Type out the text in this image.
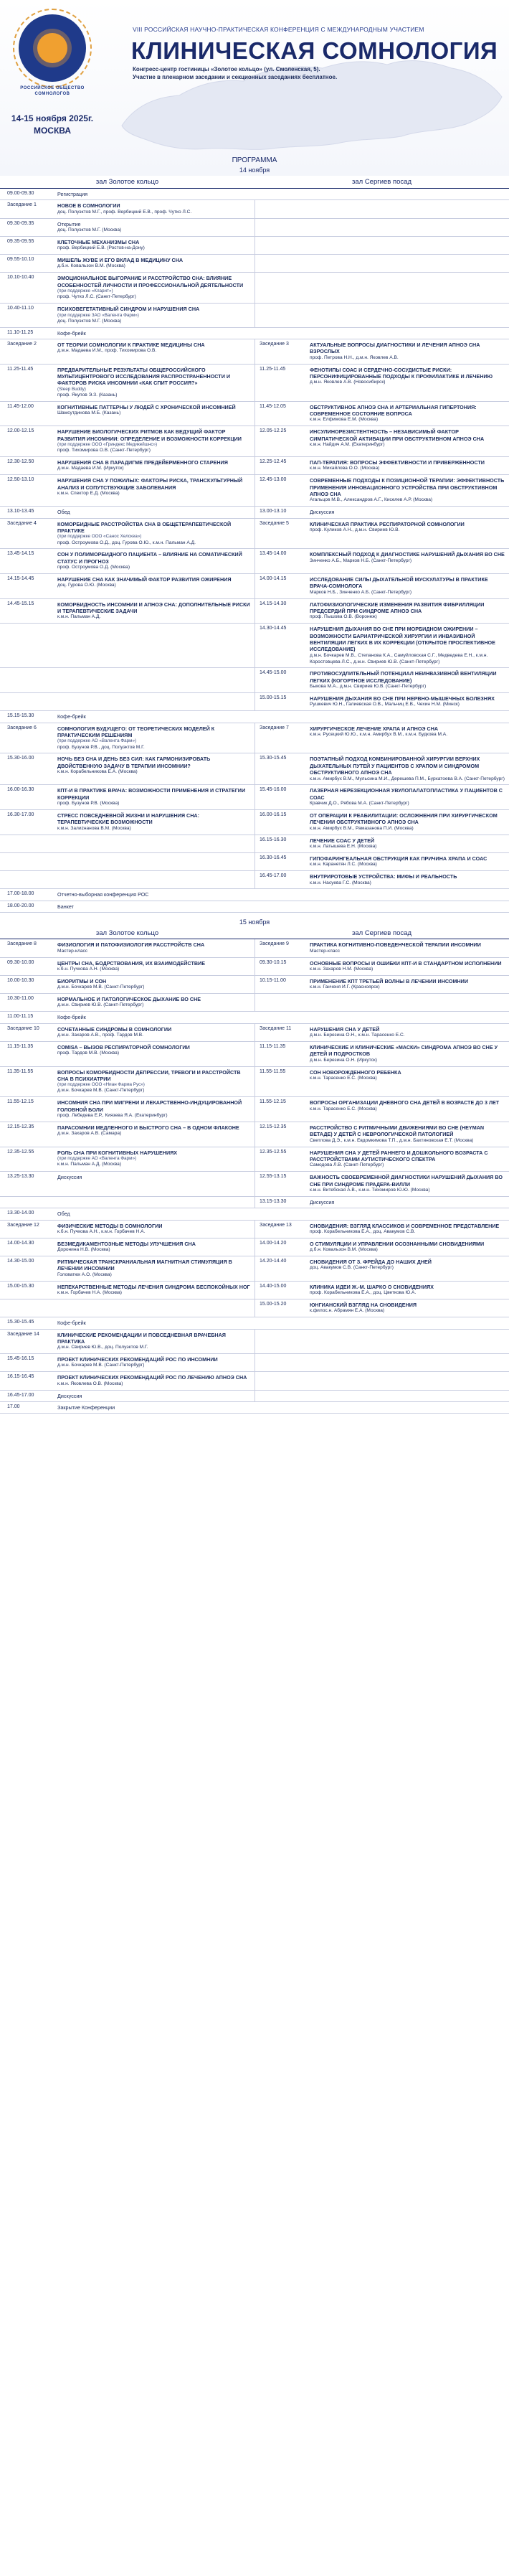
РОССИЙСКОЕ ОБЩЕСТВО СОМНОЛОГОВ
VIII РОССИЙСКАЯ НАУЧНО-ПРАКТИЧЕСКАЯ КОНФЕРЕНЦИЯ С МЕЖДУНАРОДНЫМ УЧАСТИЕМ
КЛИНИЧЕСКАЯ СОМНОЛОГИЯ
Конгресс-центр гостиницы «Золотое кольцо» (ул. Смоленская, 5).
Участие в пленарном заседании и секционных заседаниях бесплатное.
14-15 ноября 2025г.
МОСКВА
ПРОГРАММА
14 ноября
зал Золотое кольцо	зал Сергиев посад
09.00-09.30	Регистрация
Заседание 1	НОВОЕ В СОМНОЛОГИИ
доц. Полуэктов М.Г., проф. Вербицкий Е.В., проф. Чутко Л.С.
09.30-09.35	Открытие
доц. Полуэктов М.Г. (Москва)
09.35-09.55	КЛЕТОЧНЫЕ МЕХАНИЗМЫ СНА
проф. Вербицкий Е.В. (Ростов-на-Дону)
09.55-10.10	МИШЕЛЬ ЖУВЕ И ЕГО ВКЛАД В МЕДИЦИНУ СНА
д.б.н. Ковальзон В.М. (Москва)
10.10-10.40	ЭМОЦИОНАЛЬНОЕ ВЫГОРАНИЕ И РАССТРОЙСТВО СНА: ВЛИЯНИЕ ОСОБЕННОСТЕЙ ЛИЧНОСТИ И ПРОФЕССИОНАЛЬНОЙ ДЕЯТЕЛЬНОСТИ
(при поддержке «Кларит»)
проф. Чутко Л.С. (Санкт-Петербург)
10.40-11.10	ПСИХОВЕГЕТАТИВНЫЙ СИНДРОМ И НАРУШЕНИЯ СНА
(при поддержке ЗАО «Валента Фарм»)
доц. Полуэктов М.Г. (Москва)
11.10-11.25	Кофе-брейк
Заседание 2	ОТ ТЕОРИИ СОМНОЛОГИИ К ПРАКТИКЕ МЕДИЦИНЫ СНА
д.м.н. Мадаева И.М., проф. Тихомирова О.В.
Заседание 3	АКТУАЛЬНЫЕ ВОПРОСЫ ДИАГНОСТИКИ И ЛЕЧЕНИЯ АПНОЭ СНА ВЗРОСЛЫХ
проф. Петрова Н.Н., д.м.н. Яковлев А.В.
11.25-11.45	ПРЕДВАРИТЕЛЬНЫЕ РЕЗУЛЬТАТЫ ОБЩЕРОССИЙСКОГО МУЛЬТИЦЕНТРОВОГО ИССЛЕДОВАНИЯ РАСПРОСТРАНЕННОСТИ И ФАКТОРОВ РИСКА ИНСОМНИИ «КАК СПИТ РОССИЯ?»
(Sleep Buddy)
проф. Якупов Э.З. (Казань)
11.25-11.45	ФЕНОТИПЫ СОАС И СЕРДЕЧНО-СОСУДИСТЫЕ РИСКИ: ПЕРСОНИФИЦИРОВАННЫЕ ПОДХОДЫ К ПРОФИЛАКТИКЕ И ЛЕЧЕНИЮ
д.м.н. Яковлев А.В. (Новосибирск)
11.45-12.00	КОГНИТИВНЫЕ ПАТТЕРНЫ У ЛЮДЕЙ С ХРОНИЧЕСКОЙ ИНСОМНИЕЙ
Шамсутдинова М.Б. (Казань)
11.45-12.05	ОБСТРУКТИВНОЕ АПНОЭ СНА И АРТЕРИАЛЬНАЯ ГИПЕРТОНИЯ: СОВРЕМЕННОЕ СОСТОЯНИЕ ВОПРОСА
к.м.н. Елфимова Е.М. (Москва)
12.00-12.15	НАРУШЕНИЕ БИОЛОГИЧЕСКИХ РИТМОВ КАК ВЕДУЩИЙ ФАКТОР РАЗВИТИЯ ИНСОМНИИ: ОПРЕДЕЛЕНИЕ И ВОЗМОЖНОСТИ КОРРЕКЦИИ
(при поддержке ООО «Гриндекс Медикейшнс»)
проф. Тихомирова О.В. (Санкт-Петербург)
12.05-12.25	ИНСУЛИНОРЕЗИСТЕНТНОСТЬ – НЕЗАВИСИМЫЙ ФАКТОР СИМПАТИЧЕСКОЙ АКТИВАЦИИ ПРИ ОБСТРУКТИВНОМ АПНОЭ СНА
к.м.н. Найдич А.М. (Екатеринбург)
12.30-12.50	НАРУШЕНИЯ СНА В ПАРАДИГМЕ ПРЕДЕЙЕРМЕННОГО СТАРЕНИЯ
д.м.н. Мадаева И.М. (Иркутск)
12.25-12.45	ПАП-ТЕРАПИЯ: ВОПРОСЫ ЭФФЕКТИВНОСТИ И ПРИВЕРЖЕННОСТИ
к.м.н. Михайлова О.О. (Москва)
12.50-13.10	НАРУШЕНИЯ СНА У ПОЖИЛЫХ: ФАКТОРЫ РИСКА, ТРАНСКУЛЬТУРНЫЙ АНАЛИЗ И СОПУТСТВУЮЩИЕ ЗАБОЛЕВАНИЯ
к.м.н. Спектор Е.Д. (Москва)
12.45-13.00	СОВРЕМЕННЫЕ ПОДХОДЫ К ПОЗИЦИОННОЙ ТЕРАПИИ: ЭФФЕКТИВНОСТЬ ПРИМЕНЕНИЯ ИННОВАЦИОННОГО УСТРОЙСТВА ПРИ ОБСТРУКТИВНОМ АПНОЭ СНА
Агальцов М.В., Александров А.Г., Киселев А.Р. (Москва)
13.10-13.45	Обед	13.00-13.10	Дискуссия
Заседание 4	КОМОРБИДНЫЕ РАССТРОЙСТВА СНА В ОБЩЕТЕРАПЕВТИЧЕСКОЙ ПРАКТИКЕ
(при поддержке ООО «Санос Хелскеа»)
проф. Остроумова О.Д., доц. Гурова О.Ю., к.м.н. Пальман А.Д.
Заседание 5	КЛИНИЧЕСКАЯ ПРАКТИКА РЕСПИРАТОРНОЙ СОМНОЛОГИИ
проф. Куликов А.Н., д.м.н. Свириев Ю.В.
13.45-14.15	СОН У ПОЛИМОРБИДНОГО ПАЦИЕНТА – ВЛИЯНИЕ НА СОМАТИЧЕСКИЙ СТАТУС И ПРОГНОЗ
проф. Остроумова О.Д. (Москва)
13.45-14.00	КОМПЛЕКСНЫЙ ПОДХОД К ДИАГНОСТИКЕ НАРУШЕНИЙ ДЫХАНИЯ ВО СНЕ
Зинченко А.Б., Марков Н.Б. (Санкт-Петербург)
14.15-14.45	НАРУШЕНИЕ СНА КАК ЗНАЧИМЫЙ ФАКТОР РАЗВИТИЯ ОЖИРЕНИЯ
доц. Гурова О.Ю. (Москва)
14.00-14.15	ИССЛЕДОВАНИЕ СИЛЫ ДЫХАТЕЛЬНОЙ МУСКУЛАТУРЫ В ПРАКТИКЕ ВРАЧА-СОМНОЛОГА
Марков Н.Б., Зинченко А.Б. (Санкт-Петербург)
14.45-15.15	КОМОРБИДНОСТЬ ИНСОМНИИ И АПНОЭ СНА: ДОПОЛНИТЕЛЬНЫЕ РИСКИ И ТЕРАПЕВТИЧЕСКИЕ ЗАДАЧИ
к.м.н. Пальман А.Д.
14.15-14.30	ЛАТОФИЗИОЛОГИЧЕСКИЕ ИЗМЕНЕНИЯ РАЗВИТИЯ ФИБРИЛЛЯЦИИ ПРЕДСЕРДИЙ ПРИ СИНДРОМЕ АПНОЭ СНА
проф. Пышова О.В. (Воронеж)
14.30-14.45	НАРУШЕНИЯ ДЫХАНИЯ ВО СНЕ ПРИ МОРБИДНОМ ОЖИРЕНИИ – ВОЗМОЖНОСТИ БАРИАТРИЧЕСКОЙ ХИРУРГИИ И ИНВАЗИВНОЙ ВЕНТИЛЯЦИИ ЛЕГКИХ В ИХ КОРРЕКЦИИ (ОТКРЫТОЕ ПРОСПЕКТИВНОЕ ИССЛЕДОВАНИЕ)
д.м.н. Бочкарев М.В., Степанова К.А., Самуйловская С.Г., Медведева Е.Н., к.м.н. Коростовцева Л.С., д.м.н. Свириев Ю.В. (Санкт-Петербург)
14.45-15.00	ПРОТИВОСУДЛИТЕЛЬНЫЙ ПОТЕНЦИАЛ НЕИНВАЗИВНОЙ ВЕНТИЛЯЦИИ ЛЕГКИХ (КОГОРТНОЕ ИССЛЕДОВАНИЕ)
Быкова М.А., д.м.н. Свириев Ю.В. (Санкт-Петербург)
15.00-15.15	НАРУШЕНИЯ ДЫХАНИЯ ВО СНЕ ПРИ НЕРВНО-МЫШЕЧНЫХ БОЛЕЗНЯХ
Рушкевич Ю.Н., Галиевская О.В., Мальчиц Е.В., Чехин Н.М. (Минск)
15.15-15.30	Кофе-брейк
Заседание 6	СОМНОЛОГИЯ БУДУЩЕГО: ОТ ТЕОРЕТИЧЕСКИХ МОДЕЛЕЙ К ПРАКТИЧЕСКИМ РЕШЕНИЯМ
(при поддержке АО «Валента Фарм»)
проф. Бузунов Р.В., доц. Полуэктов М.Г.
Заседание 7	ХИРУРГИЧЕСКОЕ ЛЕЧЕНИЕ ХРАПА И АПНОЭ СНА
к.м.н. Русецкий Ю.Ю., к.м.н. Амирбух В.М., к.м.н. Будкова М.А.
15.30-16.00	НОЧЬ БЕЗ СНА И ДЕНЬ БЕЗ СИЛ: КАК ГАРМОНИЗИРОВАТЬ ДВОЙСТВЕННУЮ ЗАДАЧУ В ТЕРАПИИ ИНСОМНИИ?
к.м.н. Корабельникова Е.А. (Москва)
15.30-15.45	ПОЭТАПНЫЙ ПОДХОД КОМБИНИРОВАННОЙ ХИРУРГИИ ВЕРХНИХ ДЫХАТЕЛЬНЫХ ПУТЕЙ У ПАЦИЕНТОВ С ХРАПОМ И СИНДРОМОМ ОБСТРУКТИВНОГО АПНОЭ СНА
к.м.н. Амирбух В.М., Мульсина М.И., Дерешева П.М., Бурхатоева В.А. (Санкт-Петербург)
16.00-16.30	КПТ-И В ПРАКТИКЕ ВРАЧА: ВОЗМОЖНОСТИ ПРИМЕНЕНИЯ И СТРАТЕГИИ КОРРЕКЦИИ
проф. Бузунов Р.В. (Москва)
15.45-16.00	ЛАЗЕРНАЯ НЕРЕЗЕКЦИОННАЯ УВУЛОПАЛАТОПЛАСТИКА У ПАЦИЕНТОВ С СОАС
Кравчик Д.О., Рябова М.А. (Санкт-Петербург)
16.30-17.00	СТРЕСС ПОВСЕДНЕВНОЙ ЖИЗНИ И НАРУШЕНИЯ СНА: ТЕРАПЕВТИЧЕСКИЕ ВОЗМОЖНОСТИ
к.м.н. Залиzнанова В.М. (Москва)
16.00-16.15	ОТ ОПЕРАЦИИ К РЕАБИЛИТАЦИИ: ОСЛОЖНЕНИЯ ПРИ ХИРУРГИЧЕСКОМ ЛЕЧЕНИИ ОБСТРУКТИВНОГО АПНОЭ СНА
к.м.н. Амирбух В.М., Рамазанова П.И. (Москва)
16.15-16.30	ЛЕЧЕНИЕ СОАС У ДЕТЕЙ
к.м.н. Латышева Е.Н. (Москва)
16.30-16.45	ГИПОФАРИНГЕАЛЬНАЯ ОБСТРУКЦИЯ КАК ПРИЧИНА ХРАПА И СОАС
к.м.н. Каранетян Л.С. (Москва)
16.45-17.00	ВНУТРИРОТОВЫЕ УСТРОЙСТВА: МИФЫ И РЕАЛЬНОСТЬ
к.м.н. Насуева Г.С. (Москва)
17.00-18.00	Отчетно-выборная конференция РОС
18.00-20.00	Банкет
15 ноября
зал Золотое кольцо	зал Сергиев посад
Заседание 8	ФИЗИОЛОГИЯ И ПАТОФИЗИОЛОГИЯ РАССТРОЙСТВ СНА
Мастер-класс
Заседание 9	ПРАКТИКА КОГНИТИВНО-ПОВЕДЕНЧЕСКОЙ ТЕРАПИИ ИНСОМНИИ
Мастер-класс
09.30-10.00	ЦЕНТРЫ СНА, БОДРСТВОВАНИЯ, ИХ ВЗАИМОДЕЙСТВИЕ
к.б.н. Пучкова А.Н. (Москва)
09.30-10.15	ОСНОВНЫЕ ВОПРОСЫ И ОШИБКИ КПТ-И В СТАНДАРТНОМ ИСПОЛНЕНИИ
к.м.н. Захаров Н.М. (Москва)
10.00-10.30	БИОРИТМЫ И СОН
д.м.н. Бочкарев М.В. (Санкт-Петербург)
10.15-11.00	ПРИМЕНЕНИЕ КПТ ТРЕТЬЕЙ ВОЛНЫ В ЛЕЧЕНИИ ИНСОМНИИ
к.м.н. Ганченя И.Г. (Красноярск)
10.30-11.00	НОРМАЛЬНОЕ И ПАТОЛОГИЧЕСКОЕ ДЫХАНИЕ ВО СНЕ
д.м.н. Свириев Ю.В. (Санкт-Петербург)
11.00-11.15	Кофе-брейк
Заседание 10	СОЧЕТАННЫЕ СИНДРОМЫ В СОМНОЛОГИИ
д.м.н. Захаров А.В., проф. Тардов М.В.
Заседание 11	НАРУШЕНИЯ СНА У ДЕТЕЙ
д.м.н. Березина О.Н., к.м.н. Тарасенко Е.С.
11.15-11.35	COMISA – ВЫЗОВ РЕСПИРАТОРНОЙ СОМНОЛОГИИ
проф. Тардов М.В. (Москва)
11.15-11.35	КЛИНИЧЕСКИЕ И КЛИНИЧЕСКИЕ «МАСКИ» СИНДРОМА АПНОЭ ВО СНЕ У ДЕТЕЙ И ПОДРОСТКОВ
д.м.н. Березина О.Н. (Иркутск)
11.35-11.55	ВОПРОСЫ КОМОРБИДНОСТИ ДЕПРЕССИИ, ТРЕВОГИ И РАССТРОЙСТВ СНА В ПСИХИАТРИИ
(при поддержке ООО «Ниан Фарма Рус»)
д.м.н. Бочкарев М.В. (Санкт-Петербург)
11.55-11.55	СОН НОВОРОЖДЕННОГО РЕБЕНКА
к.м.н. Тарасенко Е.С. (Москва)
11.55-12.15	ИНСОМНИЯ СНА ПРИ МИГРЕНИ И ЛЕКАРСТВЕННО-ИНДУЦИРОВАННОЙ ГОЛОВНОЙ БОЛИ
проф. Лебедева Е.Р., Киязева Я.А. (Екатеринбург)
11.55-12.15	ВОПРОСЫ ОРГАНИЗАЦИИ ДНЕВНОГО СНА ДЕТЕЙ В ВОЗРАСТЕ ДО 3 ЛЕТ
к.м.н. Тарасенко Е.С. (Москва)
12.15-12.35	ПАРАСОМНИИ МЕДЛЕННОГО И БЫСТРОГО СНА – В ОДНОМ ФЛАКОНЕ
д.м.н. Захаров А.В. (Самара)
12.15-12.35	РАССТРОЙСТВО С РИТМИЧНЫМИ ДВИЖЕНИЯМИ ВО СНЕ (HEYMAN ВЕТАДЕ) У ДЕТЕЙ С НЕВРОЛОГИЧЕСКОЙ ПАТОЛОГИЕЙ
Светлова Д.Э., к.м.н. Евдомкимова Т.П., д.м.н. Бахтиновская Е.Т. (Москва)
12.35-12.55	РОЛЬ СНА ПРИ КОГНИТИВНЫХ НАРУШЕНИЯХ
(при поддержке АО «Валента Фарм»)
к.м.н. Пальман А.Д. (Москва)
12.35-12.55	НАРУШЕНИЯ СНА У ДЕТЕЙ РАННЕГО И ДОШКОЛЬНОГО ВОЗРАСТА С РАССТРОЙСТВАМИ АУТИСТИЧЕСКОГО СПЕКТРА
Самодова Л.В. (Санкт-Петербург)
13.25-13.30	Дискуссия	12.55-13.15	ВАЖНОСТЬ СВОЕВРЕМЕННОЙ ДИАГНОСТИКИ НАРУШЕНИЙ ДЫХАНИЯ ВО СНЕ ПРИ СИНДРОМЕ ПРАДЕРА-ВИЛЛИ
к.м.н. Витебская А.В., к.м.н. Тихомиров Ю.Ю. (Москва)
13.15-13.30	Дискуссия
13.30-14.00	Обед
Заседание 12	ФИЗИЧЕСКИЕ МЕТОДЫ В СОМНОЛОГИИ
к.б.н. Пучкова А.Н., к.м.н. Горбачев Н.А.
Заседание 13	СНОВИДЕНИЯ: ВЗГЛЯД КЛАССИКОВ И СОВРЕМЕННОЕ ПРЕДСТАВЛЕНИЕ
проф. Корабельникова Е.А., доц. Авакумов С.В.
14.00-14.30	БЕЗМЕДИКАМЕНТОЗНЫЕ МЕТОДЫ УЛУЧШЕНИЯ СНА
Доронина Н.В. (Москва)
14.00-14.20	О СТИМУЛЯЦИИ И УПРАВЛЕНИИ ОСОЗНАННЫМИ СНОВИДЕНИЯМИ
д.б.н. Ковальзон В.М. (Москва)
14.30-15.00	РИТМИЧЕСКАЯ ТРАНСКРАНИАЛЬНАЯ МАГНИТНАЯ СТИМУЛЯЦИЯ В ЛЕЧЕНИИ ИНСОМНИИ
Головатюк А.О. (Москва)
14.20-14.40	СНОВИДЕНИЯ ОТ З. ФРЕЙДА ДО НАШИХ ДНЕЙ
доц. Авакумов С.В. (Санкт-Петербург)
15.00-15.30	НЕПЕКАРСТВЕННЫЕ МЕТОДЫ ЛЕЧЕНИЯ СИНДРОМА БЕСПОКОЙНЫХ НОГ
к.м.н. Горбачев Н.А. (Москва)
14.40-15.00	КЛИНИКА ИДЕИ Ж.-М. ШАРКО О СНОВИДЕНИЯХ
проф. Корабельникова Е.А., доц. Цветкова Ю.А.
15.00-15.20	ЮНГИАНСКИЙ ВЗГЛЯД НА СНОВИДЕНИЯ
к.филос.н. Абрамян Е.А. (Москва)
15.30-15.45	Кофе-брейк
Заседание 14	КЛИНИЧЕСКИЕ РЕКОМЕНДАЦИИ И ПОВСЕДНЕВНАЯ ВРАЧЕБНАЯ ПРАКТИКА
д.м.н. Свириев Ю.В., доц. Полуэктов М.Г.
15.45-16.15	ПРОЕКТ КЛИНИЧЕСКИХ РЕКОМЕНДАЦИЙ РОС ПО ИНСОМНИИ
д.м.н. Бочкарев М.В. (Санкт-Петербург)
16.15-16.45	ПРОЕКТ КЛИНИЧЕСКИХ РЕКОМЕНДАЦИЙ РОС ПО ЛЕЧЕНИЮ АПНОЭ СНА
к.м.н. Яковлева О.В. (Москва)
16.45-17.00	Дискуссия
17.00	Закрытие Конференции
